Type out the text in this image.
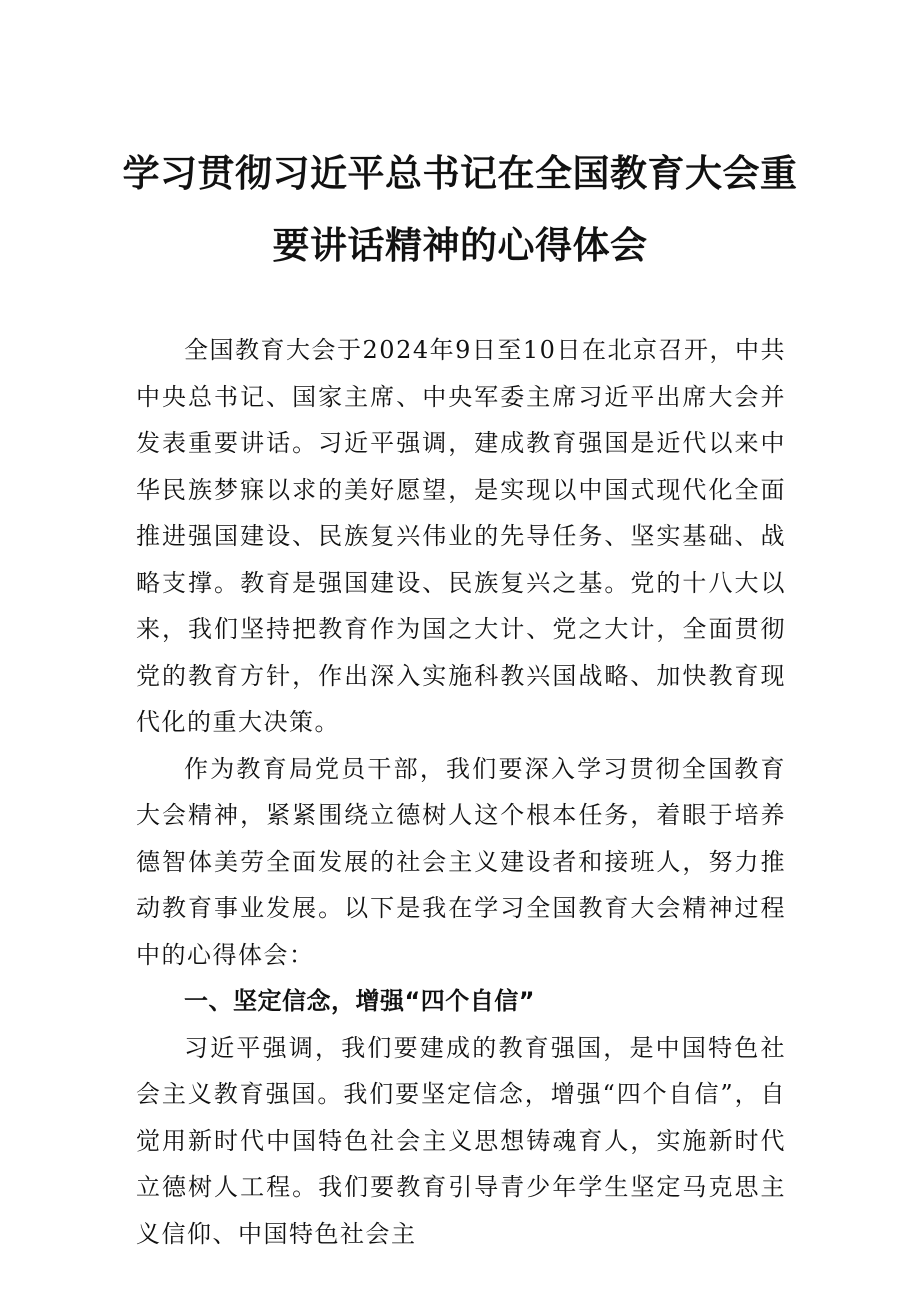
学习贯彻习近平总书记在全国教育大会重
要讲话精神的心得体会

全国教育大会于2024年9日至10日在北京召开，中共中央总书记、国家主席、中央军委主席习近平出席大会并发表重要讲话。习近平强调，建成教育强国是近代以来中华民族梦寐以求的美好愿望，是实现以中国式现代化全面推进强国建设、民族复兴伟业的先导任务、坚实基础、战略支撑。教育是强国建设、民族复兴之基。党的十八大以来，我们坚持把教育作为国之大计、党之大计，全面贯彻党的教育方针，作出深入实施科教兴国战略、加快教育现代化的重大决策。

作为教育局党员干部，我们要深入学习贯彻全国教育大会精神，紧紧围绕立德树人这个根本任务，着眼于培养德智体美劳全面发展的社会主义建设者和接班人，努力推动教育事业发展。以下是我在学习全国教育大会精神过程中的心得体会：

一、坚定信念，增强“四个自信”

习近平强调，我们要建成的教育强国，是中国特色社会主义教育强国。我们要坚定信念，增强“四个自信”，自觉用新时代中国特色社会主义思想铸魂育人，实施新时代立德树人工程。我们要教育引导青少年学生坚定马克思主义信仰、中国特色社会主
